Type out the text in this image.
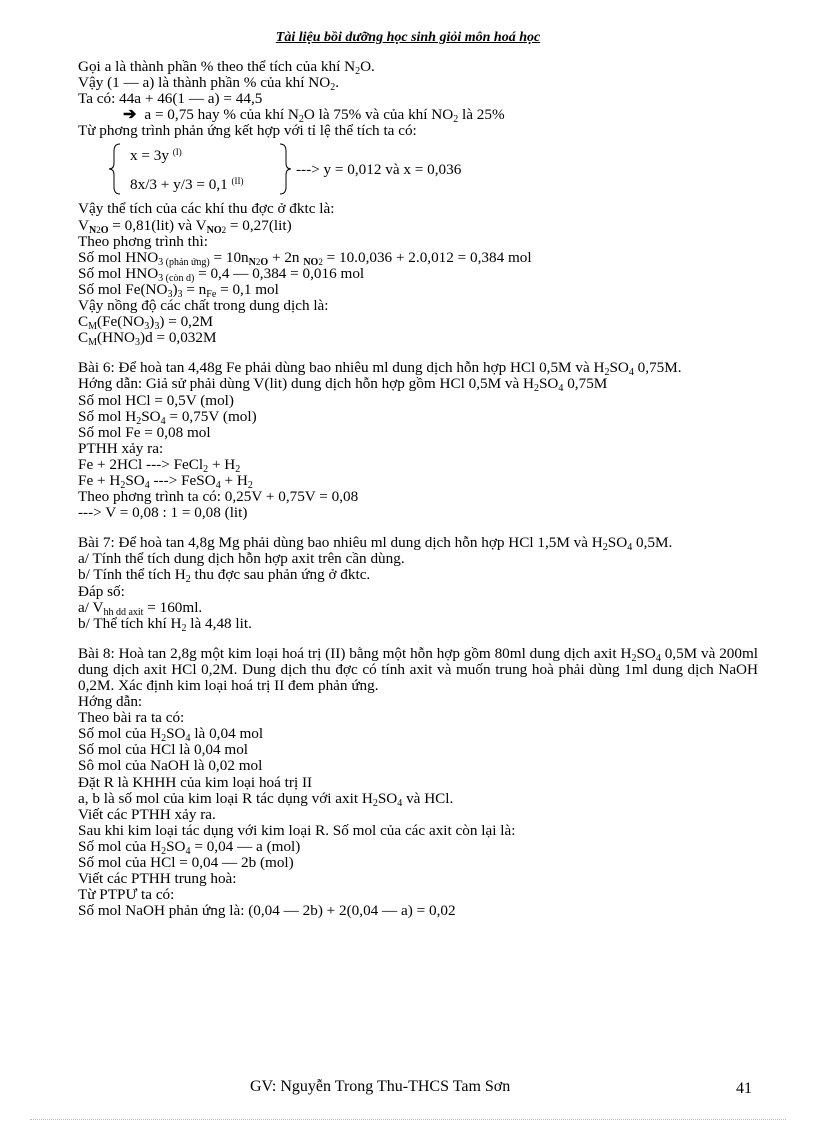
Tài liệu bồi dưỡng học sinh giỏi môn hoá học
Gọi a là thành phần % theo thể tích của khí $N_2O$.
Vậy (1 — a) là thành phần % của khí $NO_2$.
Ta có: 44a + 46(1 — a) = 44,5
➔ a = 0,75 hay % của khí $N_2O$ là 75% và của khí $NO_2$ là 25%
Từ phơng trình phản ứng kết hợp với tỉ lệ thể tích ta có:
x = 3y $^{(I)}$
8x/3 + y/3 = 0,1 $^{(II)}$
---> y = 0,012 và x = 0,036
Vậy thể tích của các khí thu đợc ở đktc là:
$V_{N2O} = 0,81(lit)$ và $V_{NO2} = 0,27(lit)$
Theo phơng trình thì:
Số mol $HNO_{3 (phản ứng)} = 10n_{N2O} + 2n$ $_{NO2}$ = 10.0,036 + 2.0,012 = 0,384 mol
Số mol $HNO_{3 (còn d)} = 0,4$ — 0,384 = 0,016 mol
Số mol $Fe(NO_3)_3 = n_{Fe} = 0,1$ mol
Vậy nồng độ các chất trong dung dịch là:
$C_M(Fe(NO_3)_3) = 0,2M$
$C_M(HNO_3)d = 0,032M$
Bài 6: Để hoà tan 4,48g Fe phải dùng bao nhiêu ml dung dịch hỗn hợp HCl 0,5M và $H_2SO_4$ 0,75M.
Hớng dẫn: Giả sử phải dùng V(lit) dung dịch hỗn hợp gồm HCl 0,5M và $H_2SO_4$ 0,75M
Số mol HCl = 0,5V (mol)
Số mol $H_2SO_4 = 0,75V$ (mol)
Số mol Fe = 0,08 mol
PTHH xảy ra:
Fe + 2HCl ---> FeCl$_2$ + $H_2$
$Fe + H_2SO_4$ ---> FeSO$_4$ + $H_2$
Theo phơng trình ta có: 0,25V + 0,75V = 0,08
---> V = 0,08 : 1 = 0,08 (lit)
Bài 7: Để hoà tan 4,8g Mg phải dùng bao nhiêu ml dung dịch hỗn hợp HCl 1,5M và $H_2SO_4$ 0,5M.
a/ Tính thể tích dung dịch hỗn hợp axit trên cần dùng.
b/ Tính thể tích $H_2$ thu đợc sau phản ứng ở đktc.
Đáp số:
a/ $V_{hh dd axit} = 160ml$.
b/ Thể tích khí $H_2$ là 4,48 lit.
Bài 8: Hoà tan 2,8g một kim loại hoá trị (II) bằng một hỗn hợp gồm 80ml dung dịch axit $H_2SO_4$ 0,5M và 200ml dung dịch axit HCl 0,2M. Dung dịch thu đợc có tính axit và muốn trung hoà phải dùng 1ml dung dịch NaOH 0,2M. Xác định kim loại hoá trị II đem phản ứng.
Hớng dẫn:
Theo bài ra ta có:
Số mol của $H_2SO_4$ là 0,04 mol
Số mol của HCl là 0,04 mol
Sô mol của NaOH là 0,02 mol
Đặt R là KHHH của kim loại hoá trị II
a, b là số mol của kim loại R tác dụng với axit $H_2SO_4$ và HCl.
Viết các PTHH xảy ra.
Sau khi kim loại tác dụng với kim loại R. Số mol của các axit còn lại là:
Số mol của $H_2SO_4 = 0,04$ — a (mol)
Số mol của HCl = 0,04 — 2b (mol)
Viết các PTHH trung hoà:
Từ PTPƯ ta có:
Số mol NaOH phản ứng là: (0,04 — 2b) + 2(0,04 — a) = 0,02
GV: Nguyễn Trong Thu-THCS Tam Sơn	41
